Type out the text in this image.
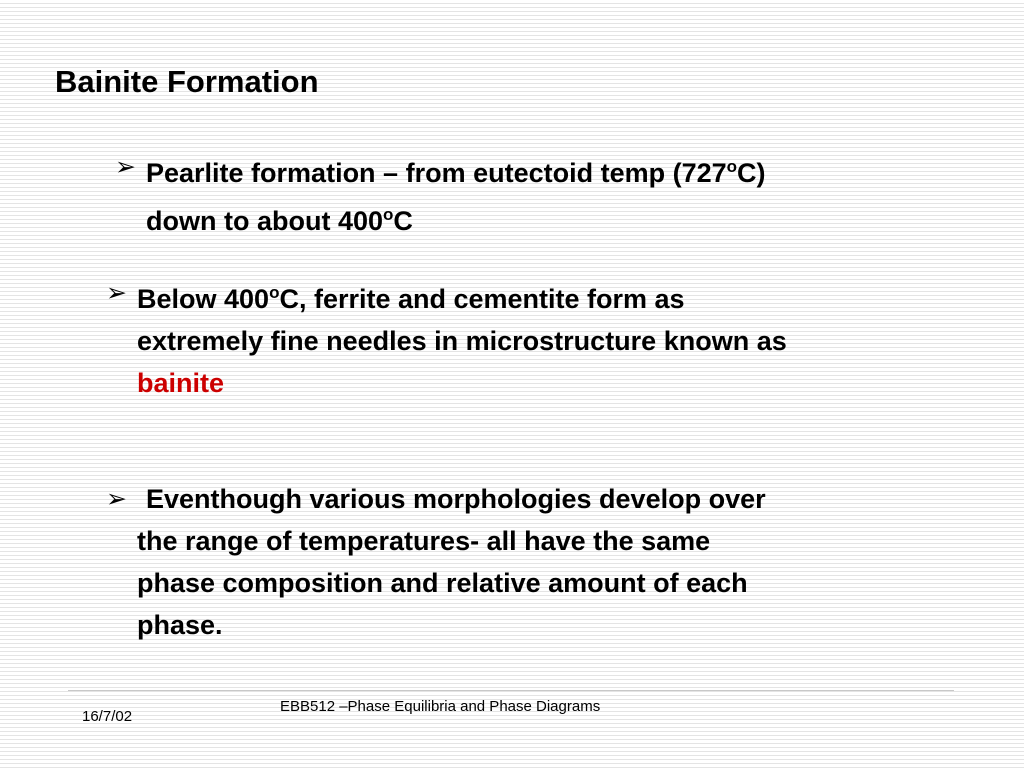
Bainite Formation
➢ Pearlite formation – from eutectoid temp (727$^o$C)
down to about 400$^o$C
➢ Below 400$^o$C, ferrite and cementite form as
extremely fine needles in microstructure known as
bainite
➢ Eventhough various morphologies develop over
the range of temperatures- all have the same
phase composition and relative amount of each
phase.
EBB512 –Phase Equilibria and Phase Diagrams
16/7/02
